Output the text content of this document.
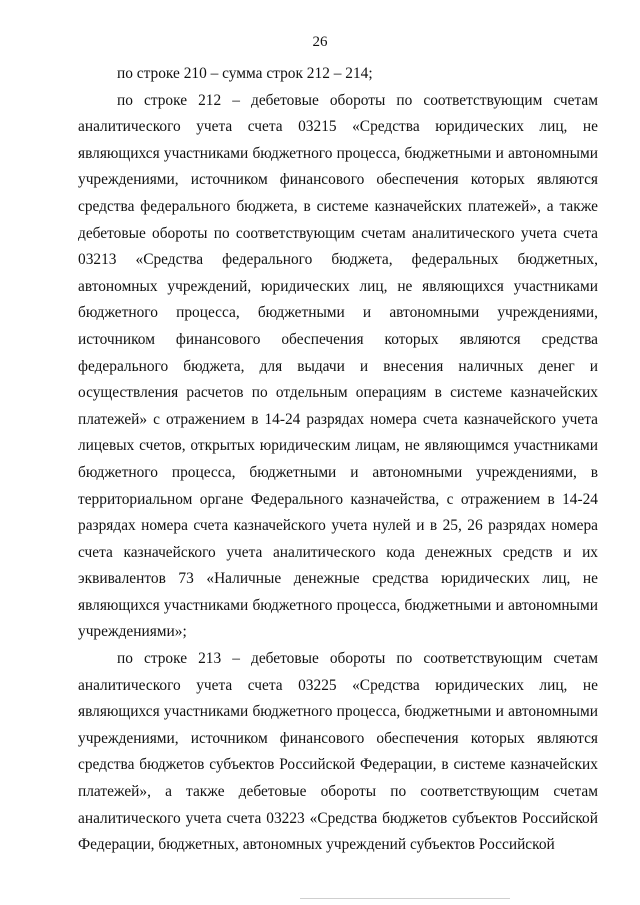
26

по строке 210 – сумма строк 212 – 214;

по строке 212 – дебетовые обороты по соответствующим счетам аналитического учета счета 03215 «Средства юридических лиц, не являющихся участниками бюджетного процесса, бюджетными и автономными учреждениями, источником финансового обеспечения которых являются средства федерального бюджета, в системе казначейских платежей», а также дебетовые обороты по соответствующим счетам аналитического учета счета 03213 «Средства федерального бюджета, федеральных бюджетных, автономных учреждений, юридических лиц, не являющихся участниками бюджетного процесса, бюджетными и автономными учреждениями, источником финансового обеспечения которых являются средства федерального бюджета, для выдачи и внесения наличных денег и осуществления расчетов по отдельным операциям в системе казначейских платежей» с отражением в 14-24 разрядах номера счета казначейского учета лицевых счетов, открытых юридическим лицам, не являющимся участниками бюджетного процесса, бюджетными и автономными учреждениями, в территориальном органе Федерального казначейства, с отражением в 14-24 разрядах номера счета казначейского учета нулей и в 25, 26 разрядах номера счета казначейского учета аналитического кода денежных средств и их эквивалентов 73 «Наличные денежные средства юридических лиц, не являющихся участниками бюджетного процесса, бюджетными и автономными учреждениями»;

по строке 213 – дебетовые обороты по соответствующим счетам аналитического учета счета 03225 «Средства юридических лиц, не являющихся участниками бюджетного процесса, бюджетными и автономными учреждениями, источником финансового обеспечения которых являются средства бюджетов субъектов Российской Федерации, в системе казначейских платежей», а также дебетовые обороты по соответствующим счетам аналитического учета счета 03223 «Средства бюджетов субъектов Российской Федерации, бюджетных, автономных учреждений субъектов Российской
